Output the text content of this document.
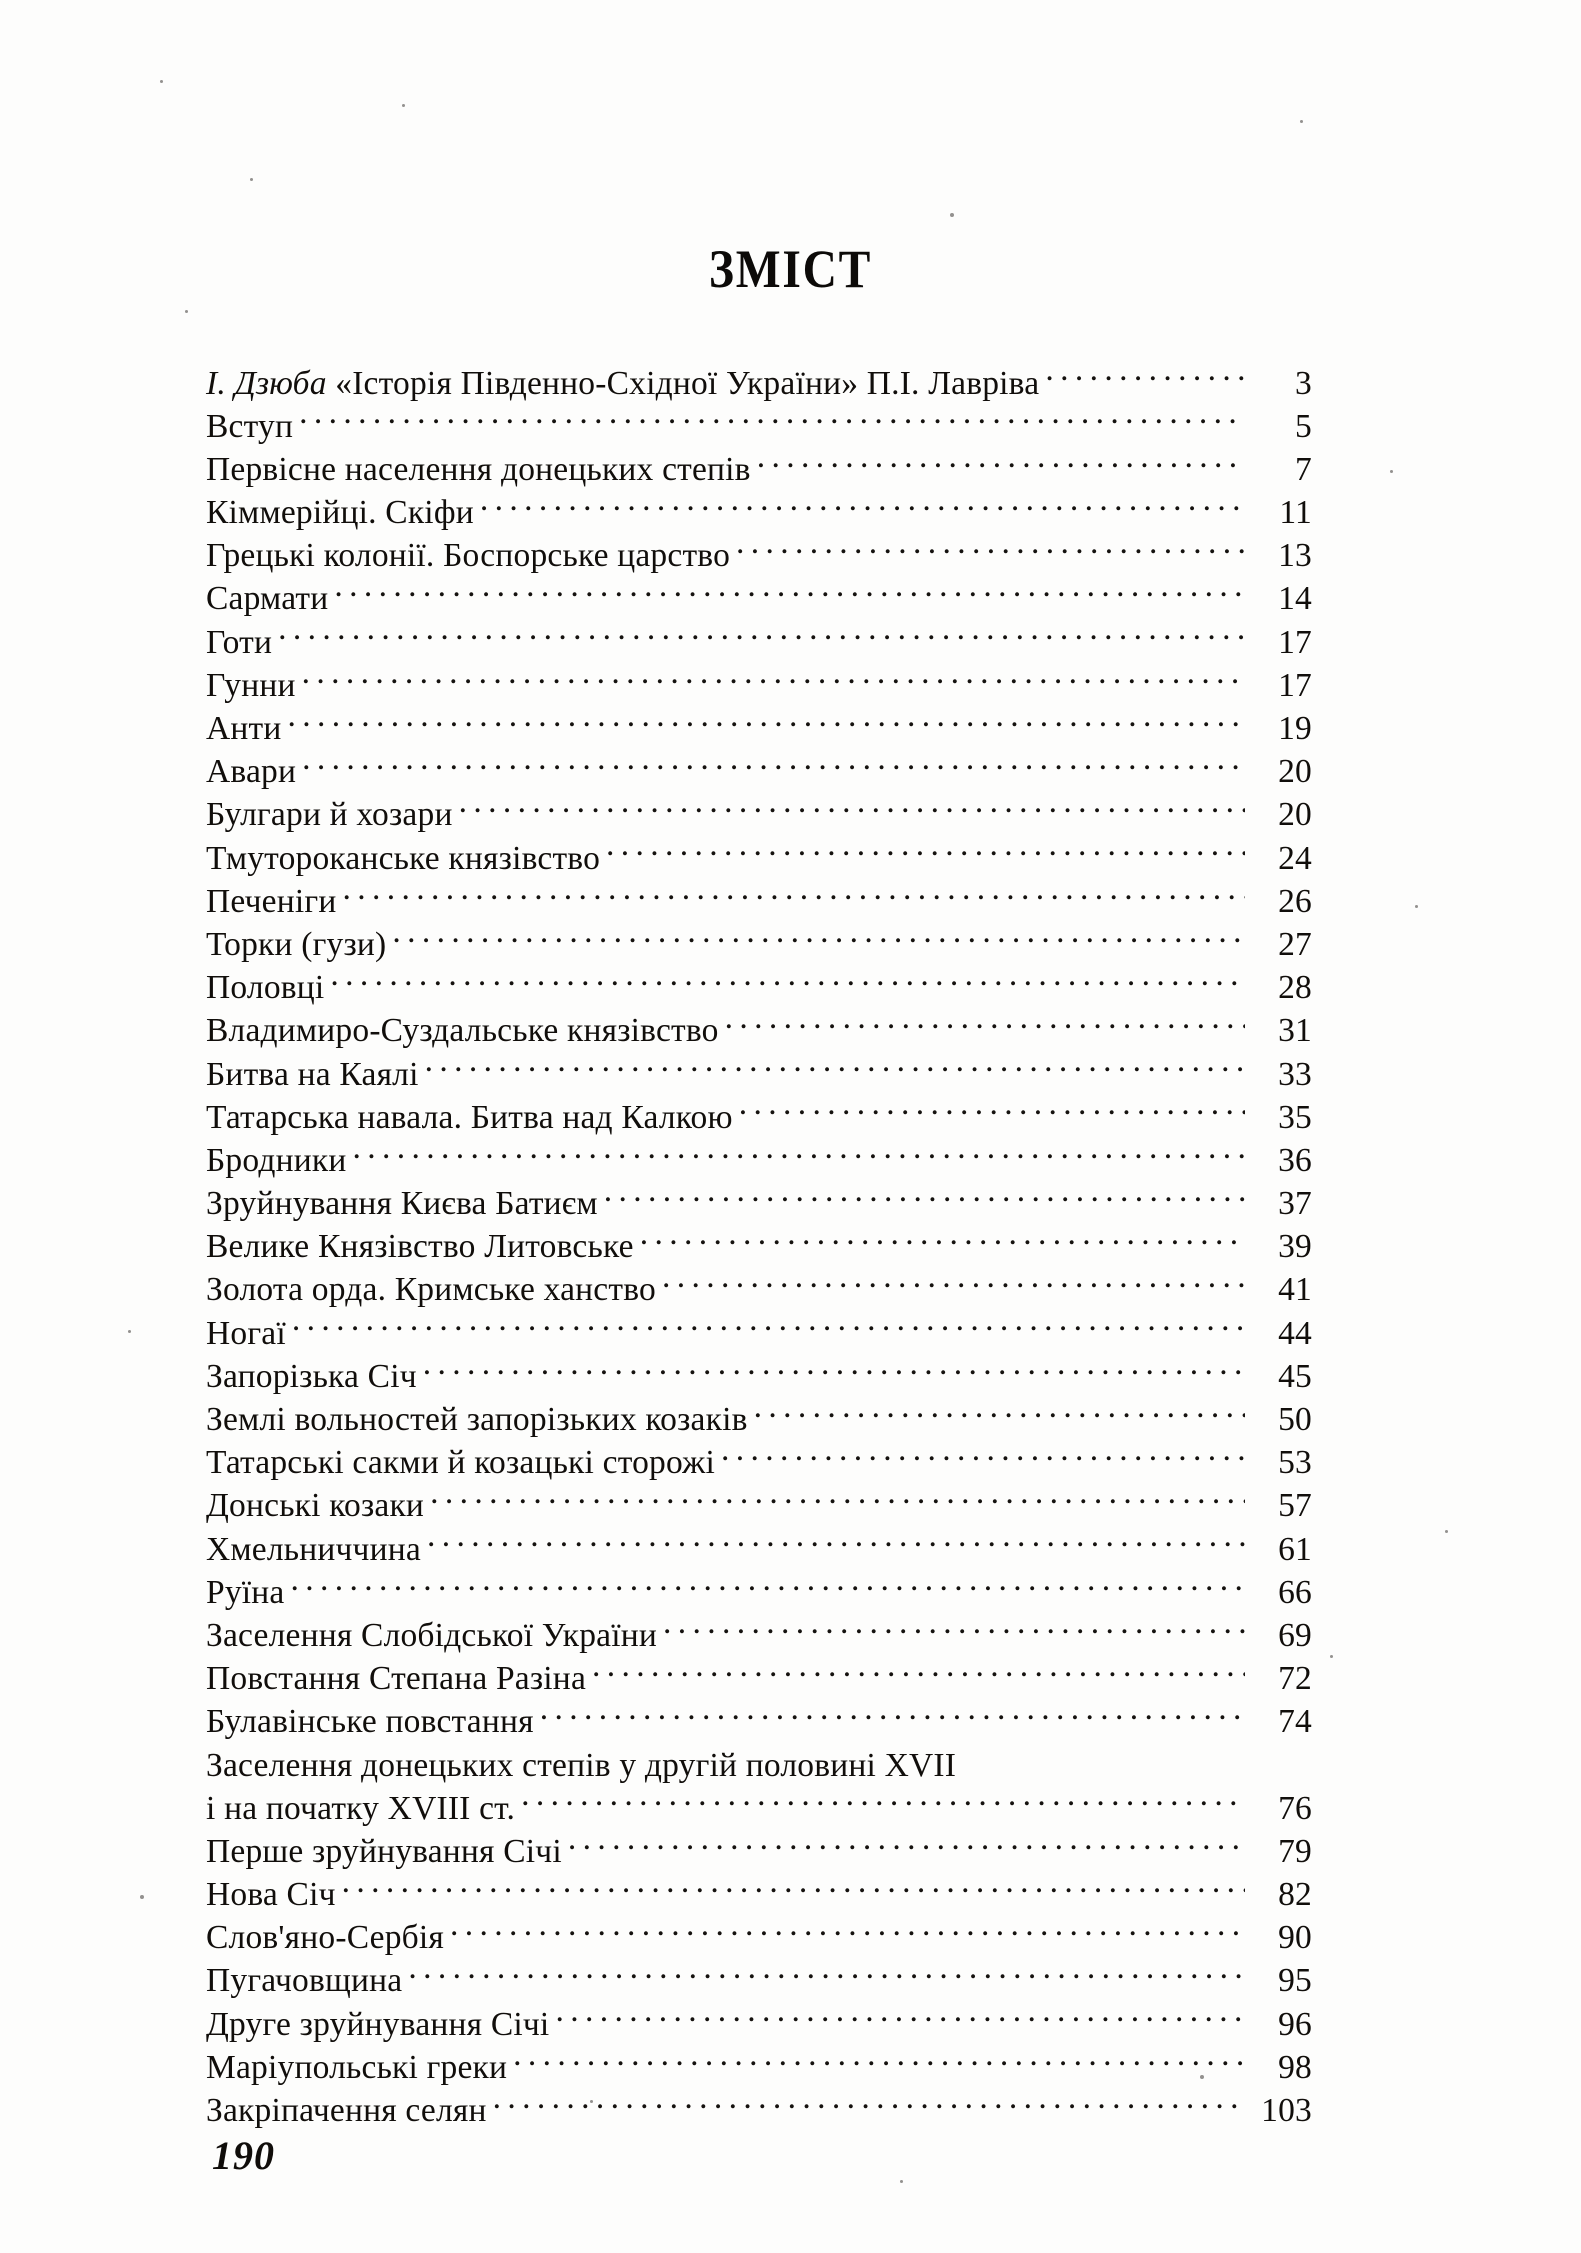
ЗМІСТ
І. Дзюба «Історія Південно-Східної України» П.І. Лаврiва . . .	3
Вступ . . .	5
Первісне населення донецьких степів . . .	7
Кіммерійці. Скіфи . . .	11
Грецькі колонії. Боспорське царство . . .	13
Сармати . . .	14
Готи . . .	17
Гунни . . .	17
Анти . . .	19
Авари . . .	20
Булгари й хозари . . .	20
Тмутороканське князівство . . .	24
Печеніги . . .	26
Торки (гузи) . . .	27
Половці . . .	28
Владимиро-Суздальське князівство . . .	31
Битва на Каялі . . .	33
Татарська навала. Битва над Калкою . . .	35
Бродники . . .	36
Зруйнування Києва Батиєм . . .	37
Велике Князівство Литовське . . .	39
Золота орда. Кримське ханство . . .	41
Ногаї . . .	44
Запорізька Січ . . .	45
Землі вольностей запорізьких козаків . . .	50
Татарські сакми й козацькі сторожі . . .	53
Донські козаки . . .	57
Хмельниччина . . .	61
Руїна . . .	66
Заселення Слобідської України . . .	69
Повстання Степана Разіна . . .	72
Булавінське повстання . . .	74
Заселення донецьких степів у другій половині XVII
і на початку XVIII ст. . . .	76
Перше зруйнування Січі . . .	79
Нова Січ . . .	82
Слов'яно-Сербія . . .	90
Пугачовщина . . .	95
Друге зруйнування Січі . . .	96
Маріупольські греки . . .	98
Закріпачення селян . . .	103
190
